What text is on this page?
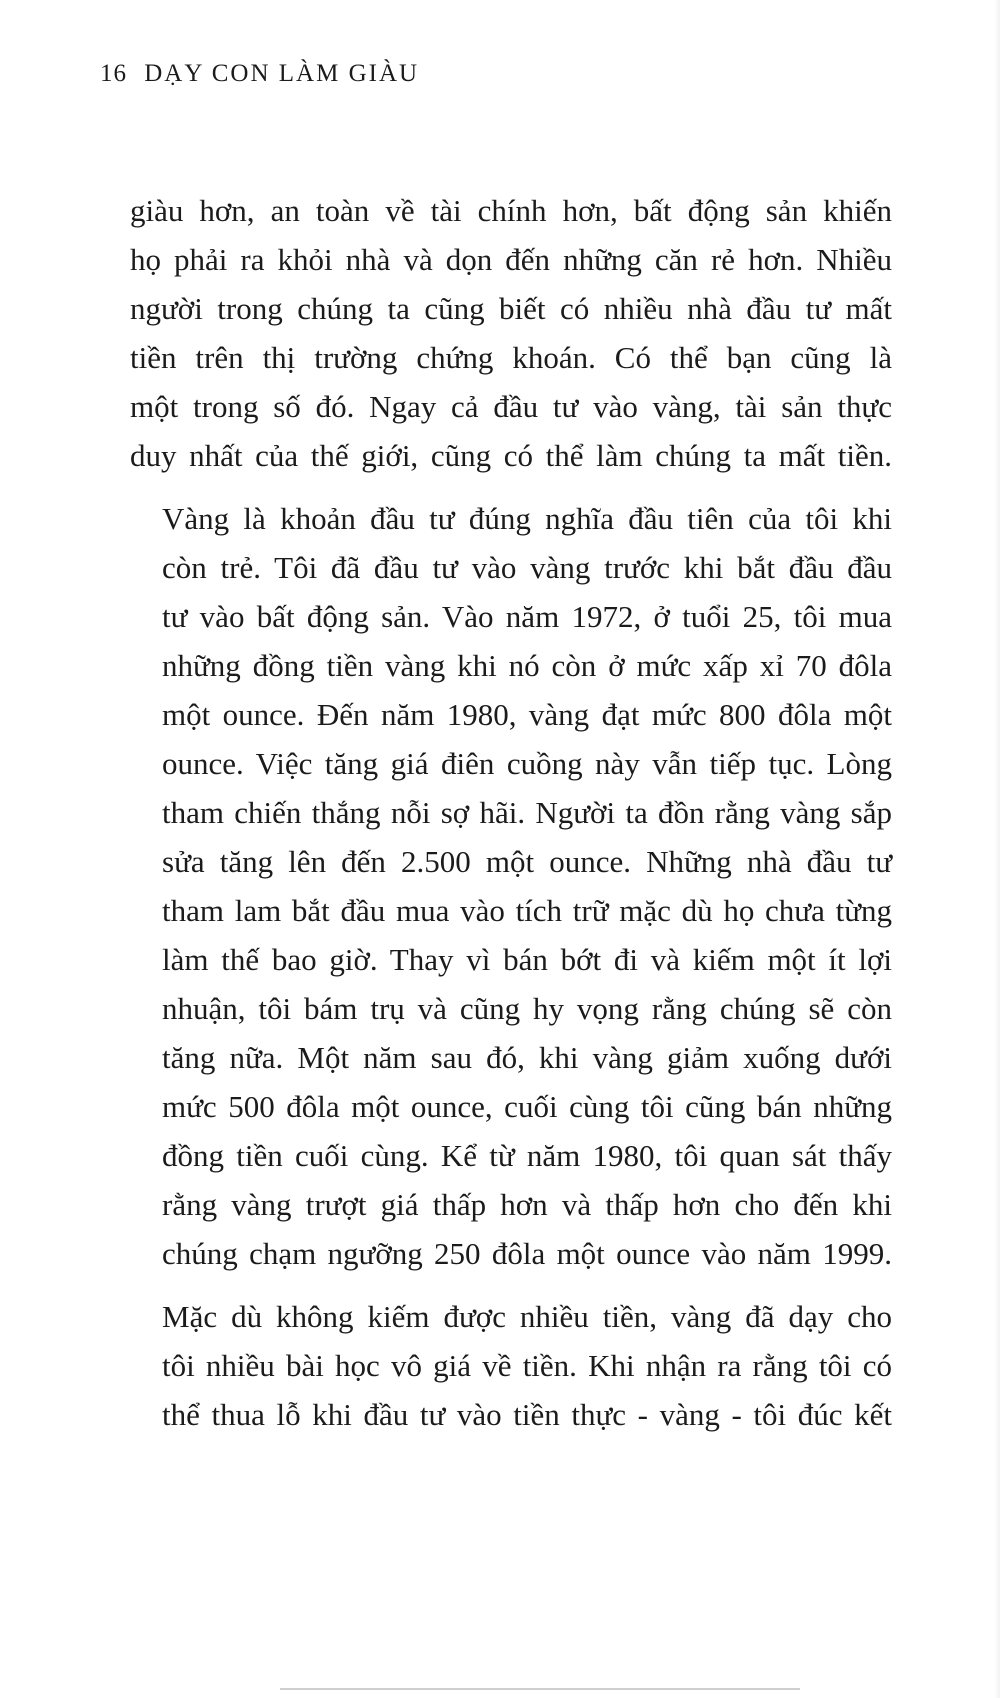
16 DẠY CON LÀM GIÀU

giàu hơn, an toàn về tài chính hơn, bất động sản khiến
họ phải ra khỏi nhà và dọn đến những căn rẻ hơn. Nhiều
người trong chúng ta cũng biết có nhiều nhà đầu tư mất
tiền trên thị trường chứng khoán. Có thể bạn cũng là
một trong số đó. Ngay cả đầu tư vào vàng, tài sản thực
duy nhất của thế giới, cũng có thể làm chúng ta mất tiền.

Vàng là khoản đầu tư đúng nghĩa đầu tiên của tôi khi
còn trẻ. Tôi đã đầu tư vào vàng trước khi bắt đầu đầu
tư vào bất động sản. Vào năm 1972, ở tuổi 25, tôi mua
những đồng tiền vàng khi nó còn ở mức xấp xỉ 70 đôla
một ounce. Đến năm 1980, vàng đạt mức 800 đôla một
ounce. Việc tăng giá điên cuồng này vẫn tiếp tục. Lòng
tham chiến thắng nỗi sợ hãi. Người ta đồn rằng vàng sắp
sửa tăng lên đến 2.500 một ounce. Những nhà đầu tư
tham lam bắt đầu mua vào tích trữ mặc dù họ chưa từng
làm thế bao giờ. Thay vì bán bớt đi và kiếm một ít lợi
nhuận, tôi bám trụ và cũng hy vọng rằng chúng sẽ còn
tăng nữa. Một năm sau đó, khi vàng giảm xuống dưới
mức 500 đôla một ounce, cuối cùng tôi cũng bán những
đồng tiền cuối cùng. Kể từ năm 1980, tôi quan sát thấy
rằng vàng trượt giá thấp hơn và thấp hơn cho đến khi
chúng chạm ngưỡng 250 đôla một ounce vào năm 1999.

Mặc dù không kiếm được nhiều tiền, vàng đã dạy cho
tôi nhiều bài học vô giá về tiền. Khi nhận ra rằng tôi có
thể thua lỗ khi đầu tư vào tiền thực - vàng - tôi đúc kết
